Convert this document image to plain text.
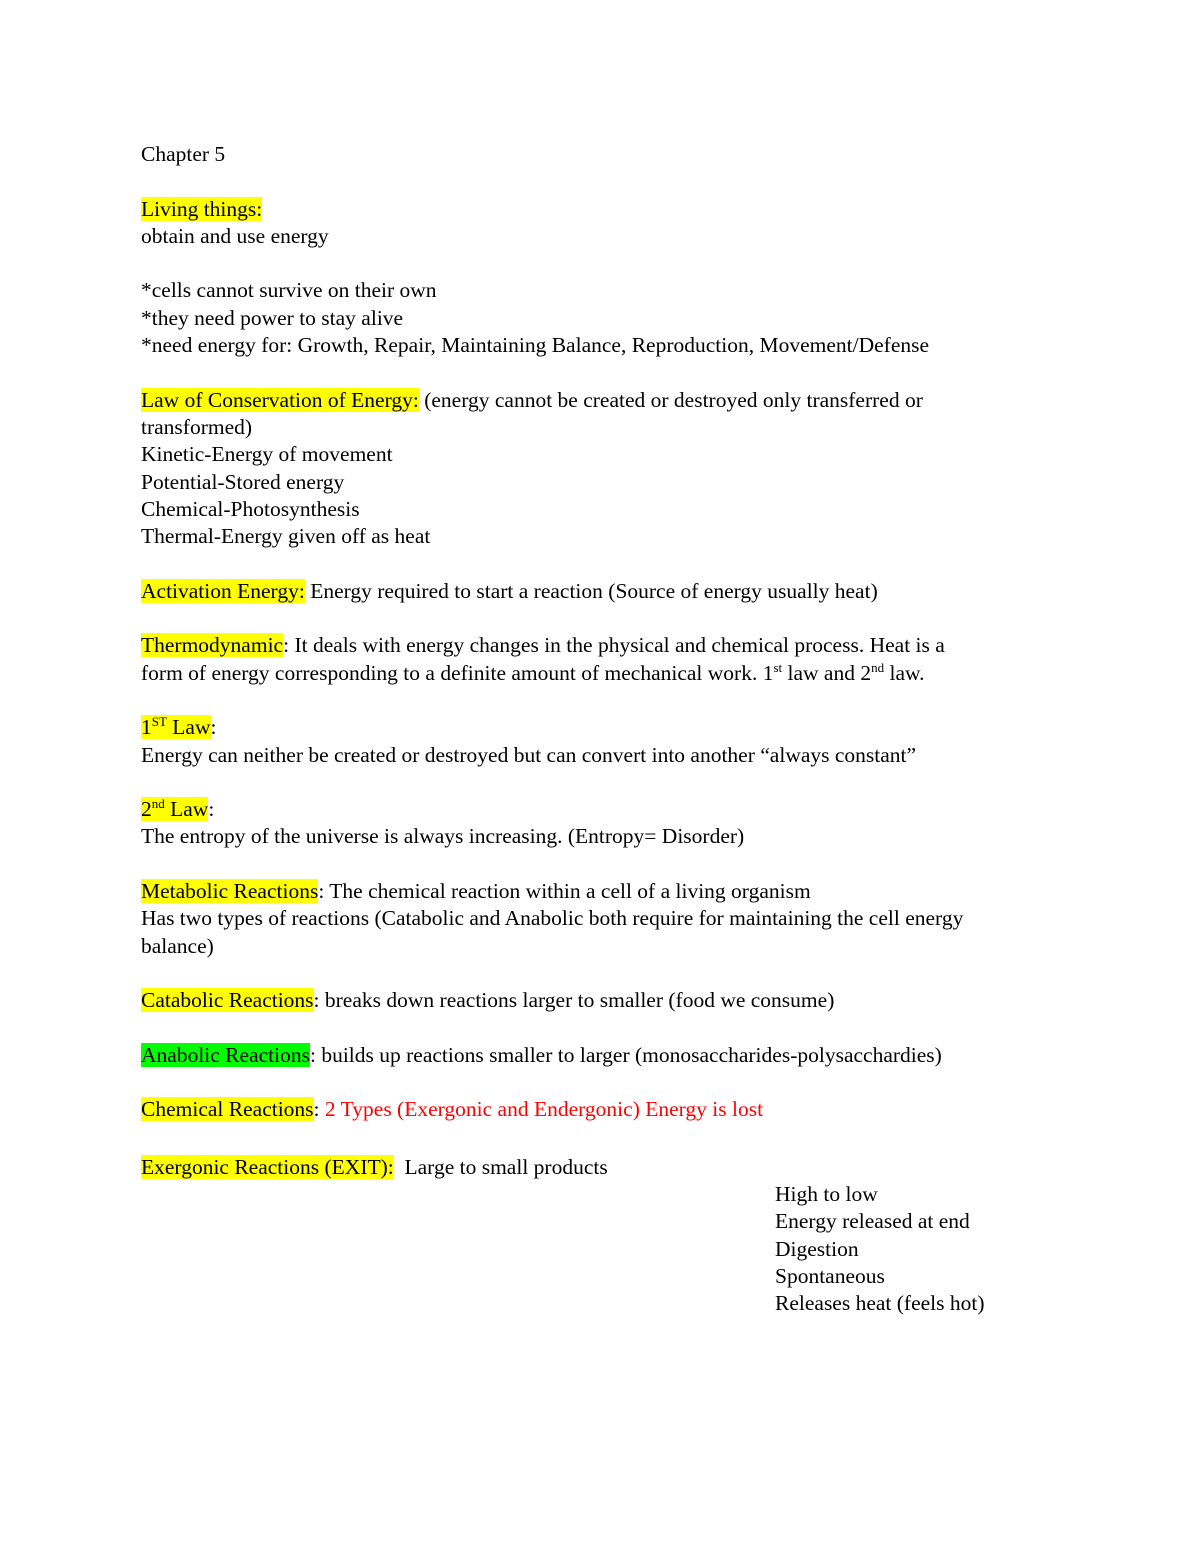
Chapter 5
Living things:
obtain and use energy
*cells cannot survive on their own
*they need power to stay alive
*need energy for: Growth, Repair, Maintaining Balance, Reproduction, Movement/Defense
Law of Conservation of Energy: (energy cannot be created or destroyed only transferred or
transformed)
Kinetic-Energy of movement
Potential-Stored energy
Chemical-Photosynthesis
Thermal-Energy given off as heat
Activation Energy: Energy required to start a reaction (Source of energy usually heat)
Thermodynamic: It deals with energy changes in the physical and chemical process. Heat is a
form of energy corresponding to a definite amount of mechanical work. 1st law and 2nd law.
1ST Law:
Energy can neither be created or destroyed but can convert into another “always constant”
2nd Law:
The entropy of the universe is always increasing. (Entropy= Disorder)
Metabolic Reactions: The chemical reaction within a cell of a living organism
Has two types of reactions (Catabolic and Anabolic both require for maintaining the cell energy
balance)
Catabolic Reactions: breaks down reactions larger to smaller (food we consume)
Anabolic Reactions: builds up reactions smaller to larger (monosaccharides-polysacchardies)
Chemical Reactions: 2 Types (Exergonic and Endergonic) Energy is lost
Exergonic Reactions (EXIT):  Large to small products
High to low
Energy released at end
Digestion
Spontaneous
Releases heat (feels hot)
